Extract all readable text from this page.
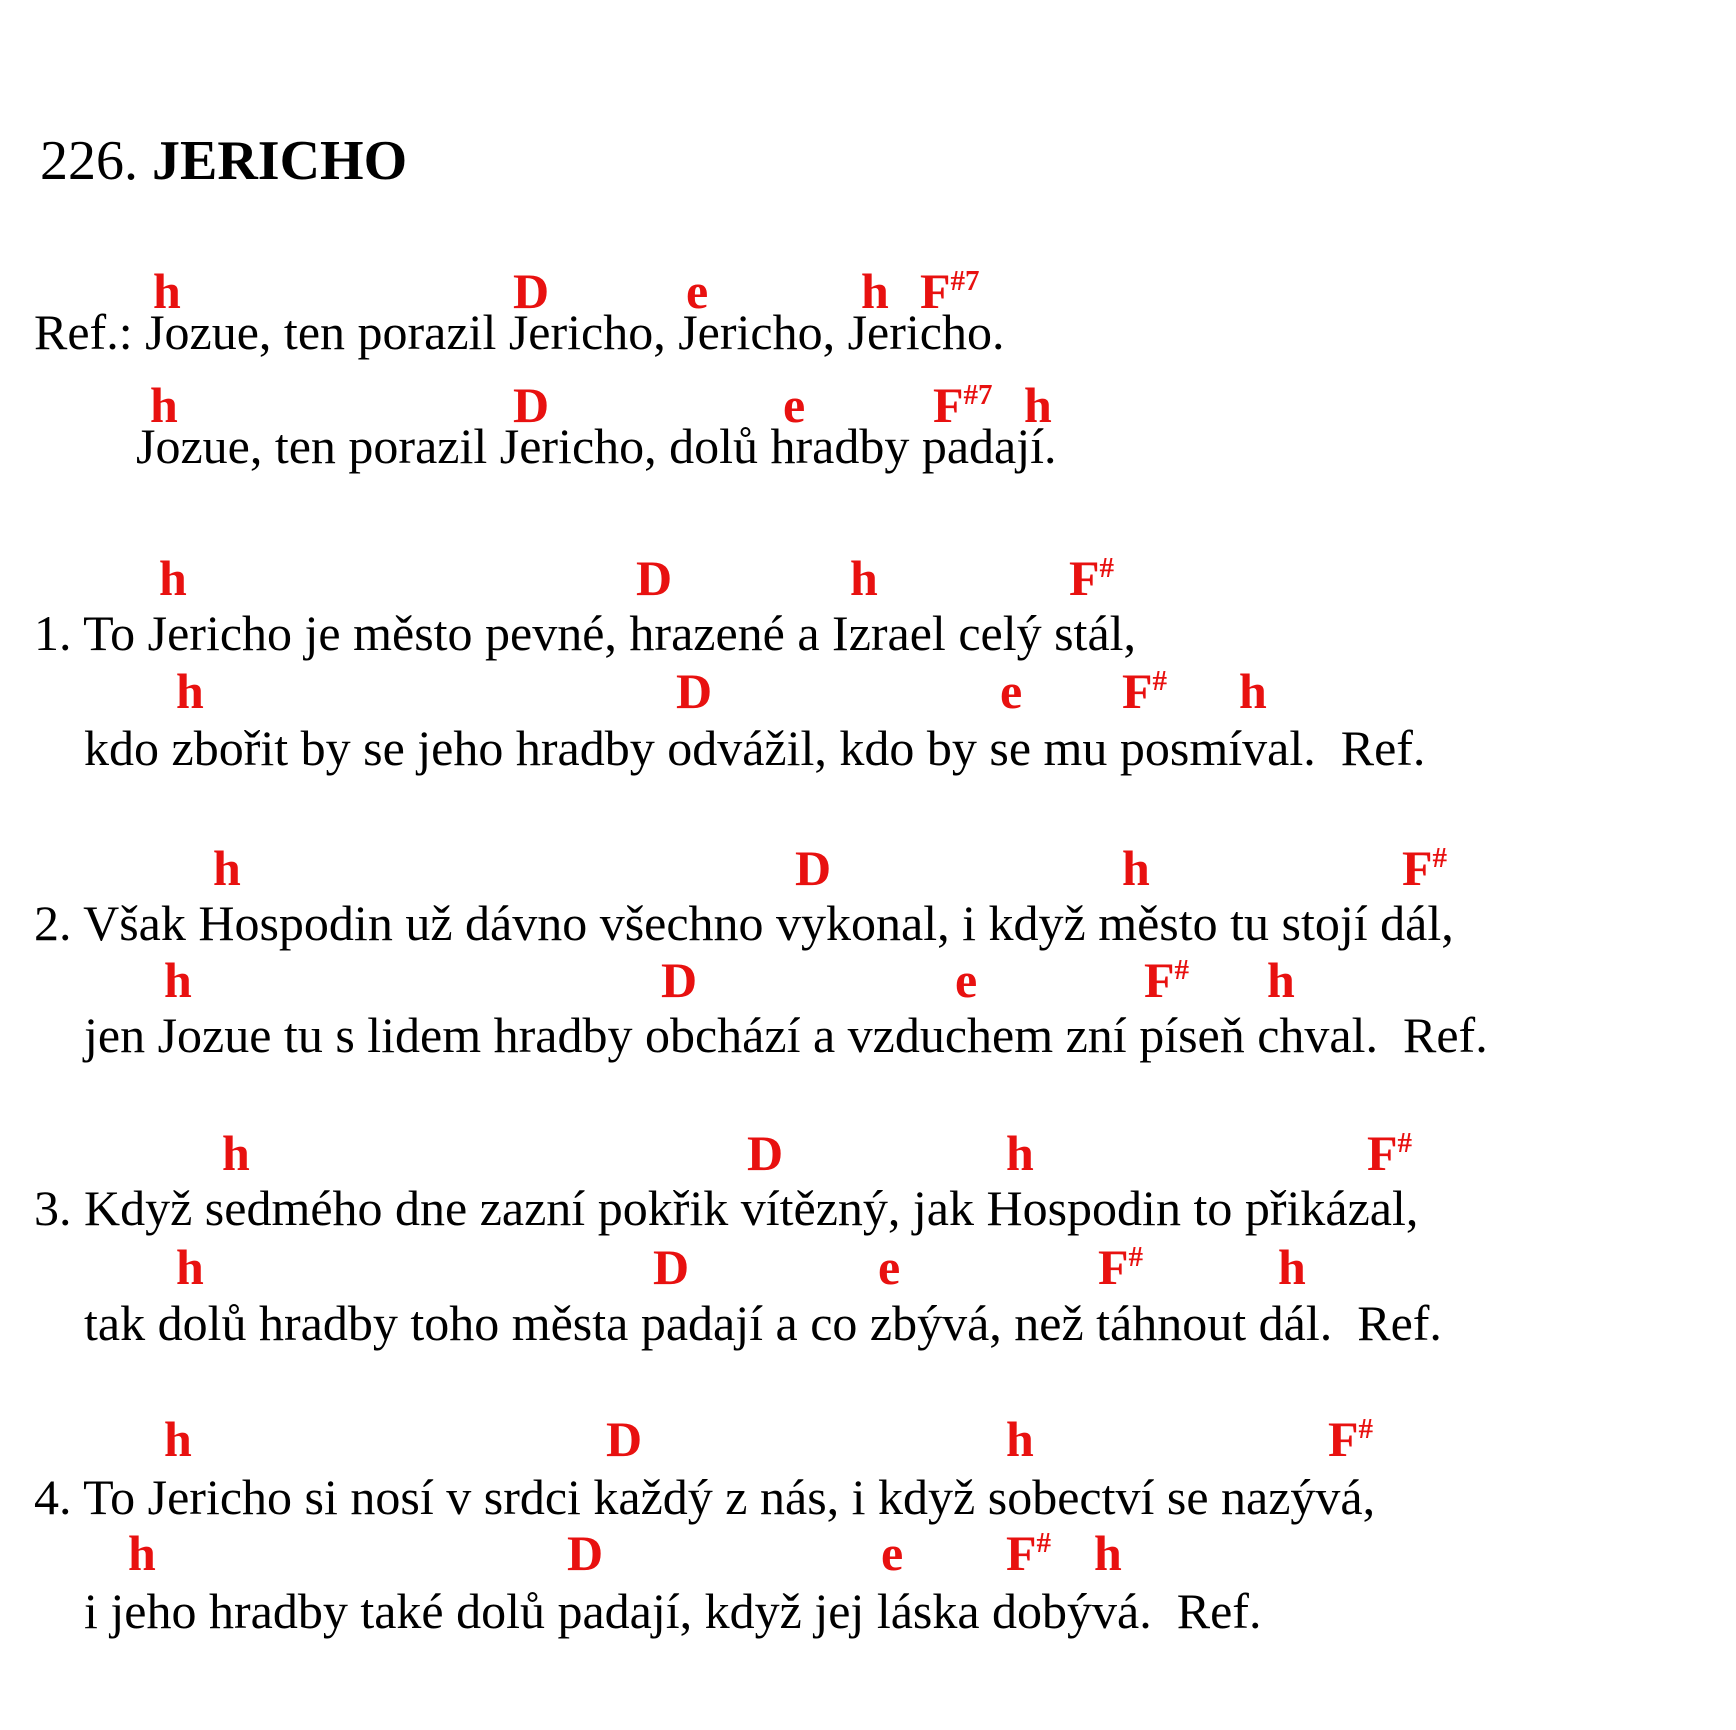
226. JERICHO
h	D	e	h $F^{\#7}$
Ref.: Jozue, ten porazil Jericho, Jericho, Jericho.
h	D	e	$F^{\#7}$ h
Jozue, ten porazil Jericho, dolů hradby padají.
h	D	h	F#
1. To Jericho je město pevné, hrazené a Izrael celý stál,
h	D	e F# h
kdo zbořit by se jeho hradby odvážil, kdo by se mu posmíval.  Ref.
h	D	h	F#
2. Však Hospodin už dávno všechno vykonal, i když město tu stojí dál,
h	D	e	F# h
jen Jozue tu s lidem hradby obchází a vzduchem zní píseň chval.  Ref.
h	D	h	F#
3. Když sedmého dne zazní pokřik vítězný, jak Hospodin to přikázal,
h	D	e	F#	h
tak dolů hradby toho města padají a co zbývá, než táhnout dál.  Ref.
h	D	h	F#
4. To Jericho si nosí v srdci každý z nás, i když sobectví se nazývá,
h	D	e F# h
i jeho hradby také dolů padají, když jej láska dobývá.  Ref.
